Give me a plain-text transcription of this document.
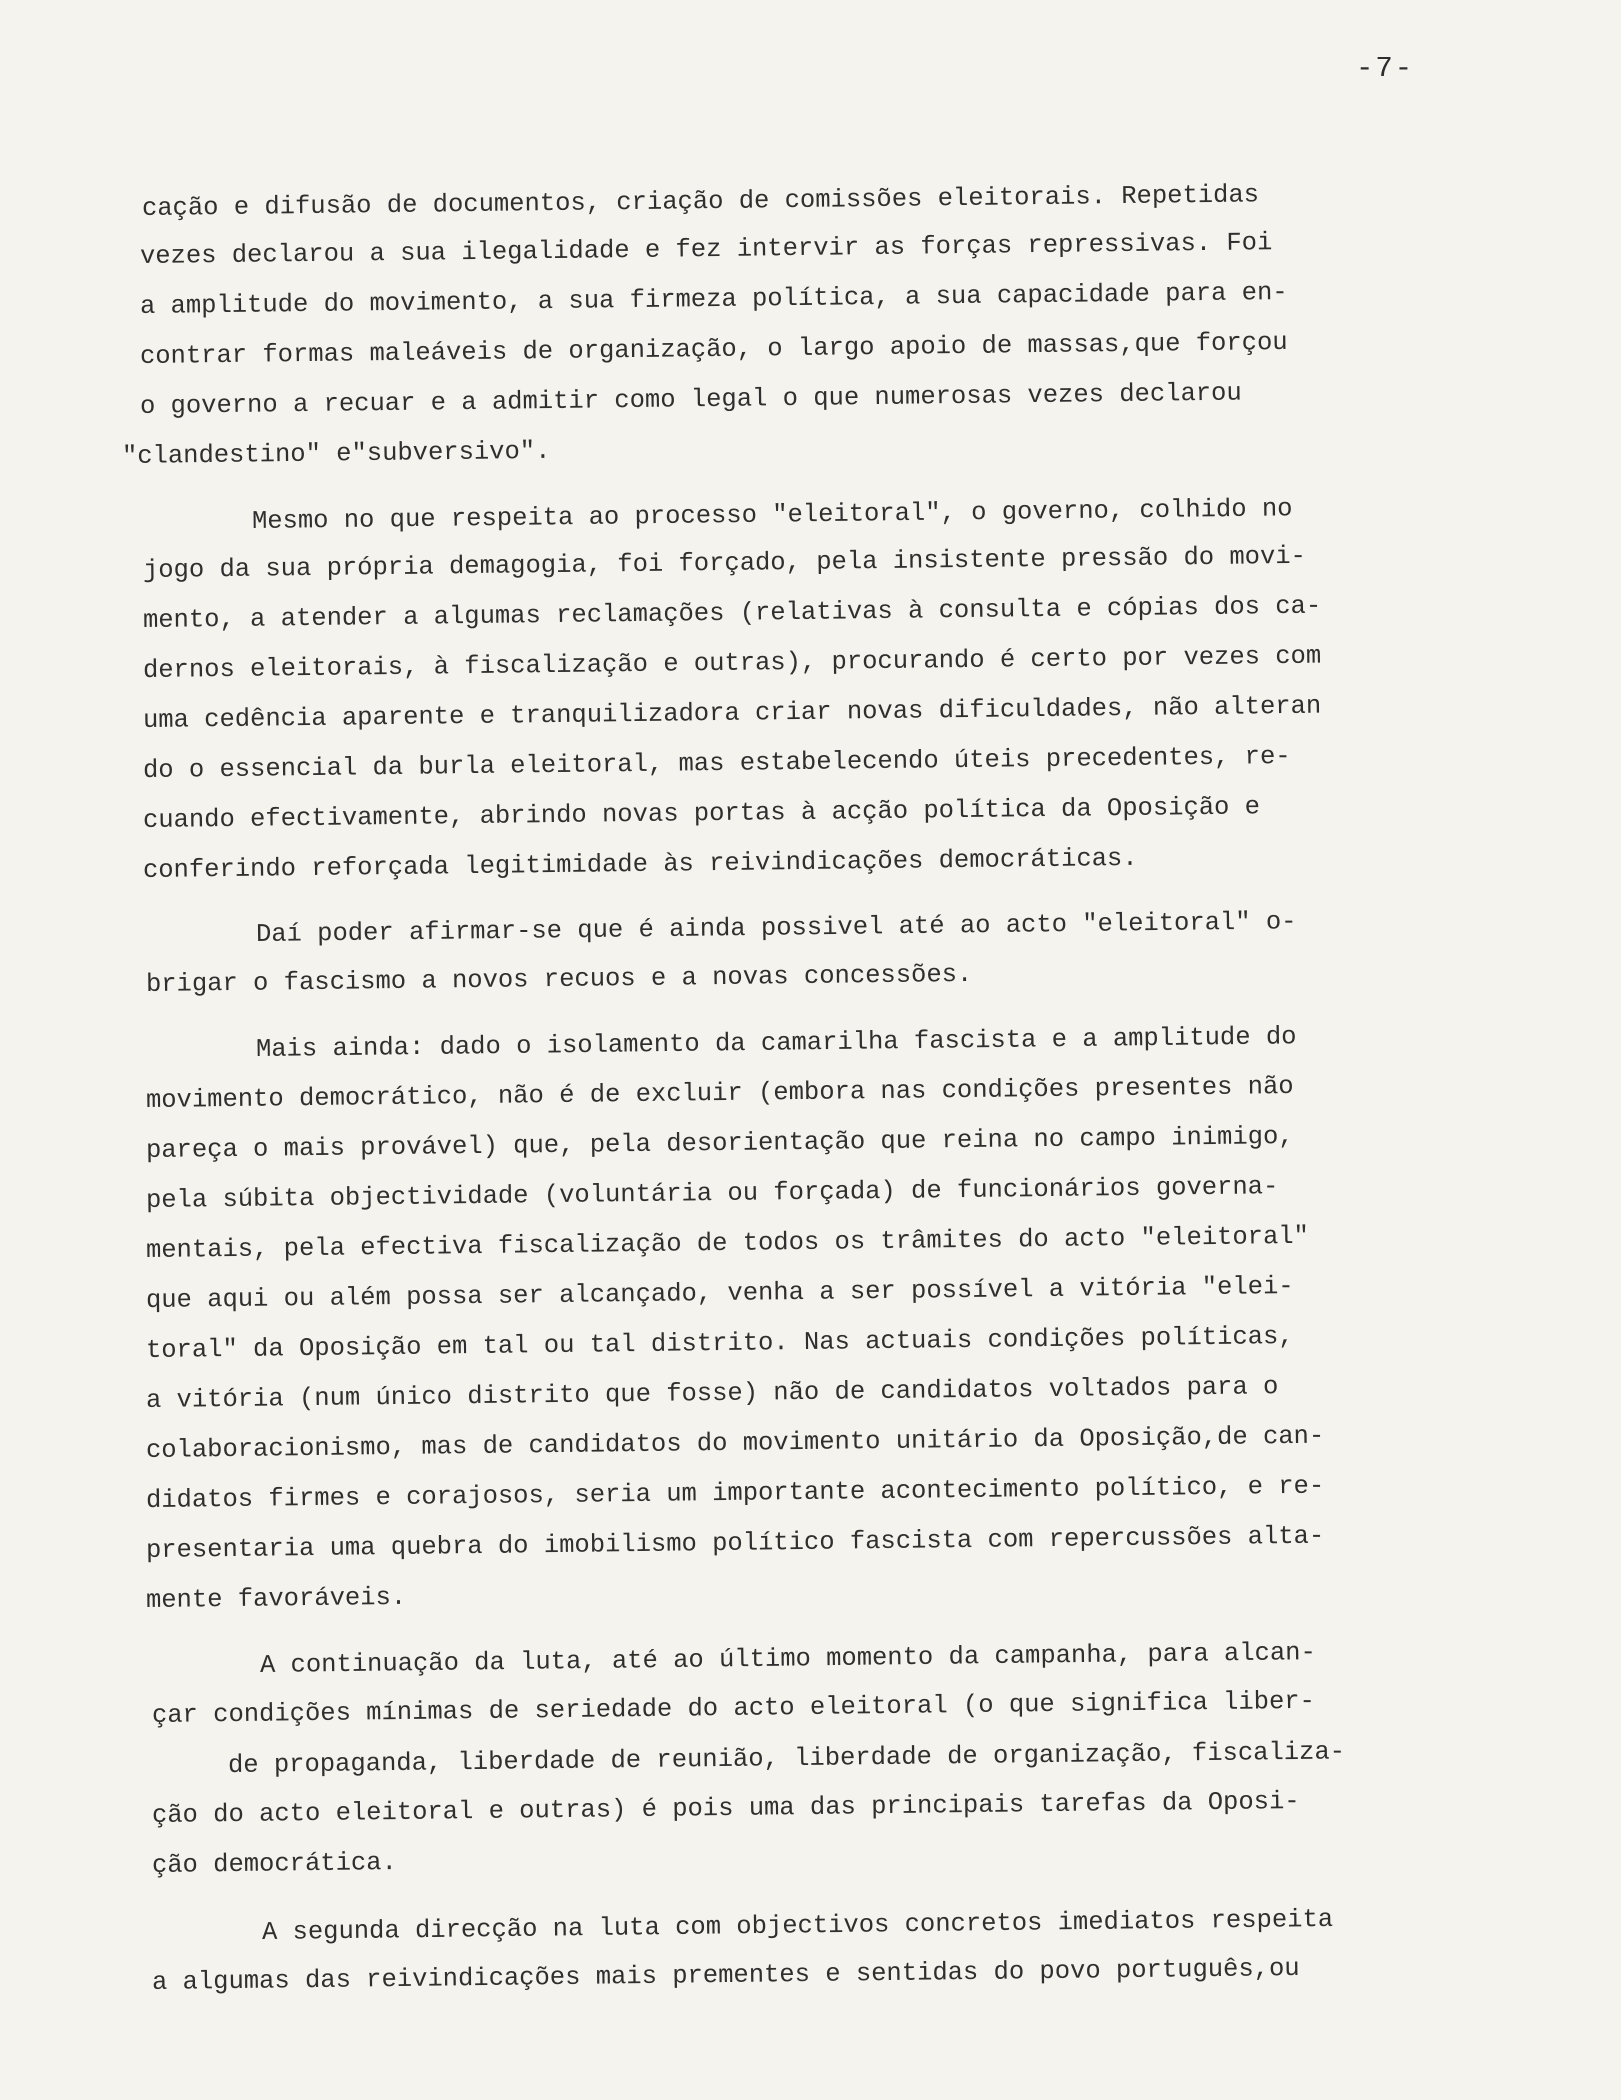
-7-
cação e difusão de documentos, criação de comissões eleitorais. Repetidas
vezes declarou a sua ilegalidade e fez intervir as forças repressivas. Foi
a amplitude do movimento, a sua firmeza política, a sua capacidade para en-
contrar formas maleáveis de organização, o largo apoio de massas,que forçou
o governo a recuar e a admitir como legal o que numerosas vezes declarou
"clandestino" e"subversivo".
Mesmo no que respeita ao processo "eleitoral", o governo, colhido no
jogo da sua própria demagogia, foi forçado, pela insistente pressão do movi-
mento, a atender a algumas reclamações (relativas à consulta e cópias dos ca-
dernos eleitorais, à fiscalização e outras), procurando é certo por vezes com
uma cedência aparente e tranquilizadora criar novas dificuldades, não alteran
do o essencial da burla eleitoral, mas estabelecendo úteis precedentes, re-
cuando efectivamente, abrindo novas portas à acção política da Oposição e
conferindo reforçada legitimidade às reivindicações democráticas.
Daí poder afirmar-se que é ainda possivel até ao acto "eleitoral" o-
brigar o fascismo a novos recuos e a novas concessões.
Mais ainda: dado o isolamento da camarilha fascista e a amplitude do
movimento democrático, não é de excluir (embora nas condições presentes não
pareça o mais provável) que, pela desorientação que reina no campo inimigo,
pela súbita objectividade (voluntária ou forçada) de funcionários governa-
mentais, pela efectiva fiscalização de todos os trâmites do acto "eleitoral"
que aqui ou além possa ser alcançado, venha a ser possível a vitória "elei-
toral" da Oposição em tal ou tal distrito. Nas actuais condições políticas,
a vitória (num único distrito que fosse) não de candidatos voltados para o
colaboracionismo, mas de candidatos do movimento unitário da Oposição,de can-
didatos firmes e corajosos, seria um importante acontecimento político, e re-
presentaria uma quebra do imobilismo político fascista com repercussões alta-
mente favoráveis.
A continuação da luta, até ao último momento da campanha, para alcan-
çar condições mínimas de seriedade do acto eleitoral (o que significa liber-
de propaganda, liberdade de reunião, liberdade de organização, fiscaliza-
ção do acto eleitoral e outras) é pois uma das principais tarefas da Oposi-
ção democrática.
A segunda direcção na luta com objectivos concretos imediatos respeita
a algumas das reivindicações mais prementes e sentidas do povo português,ou
